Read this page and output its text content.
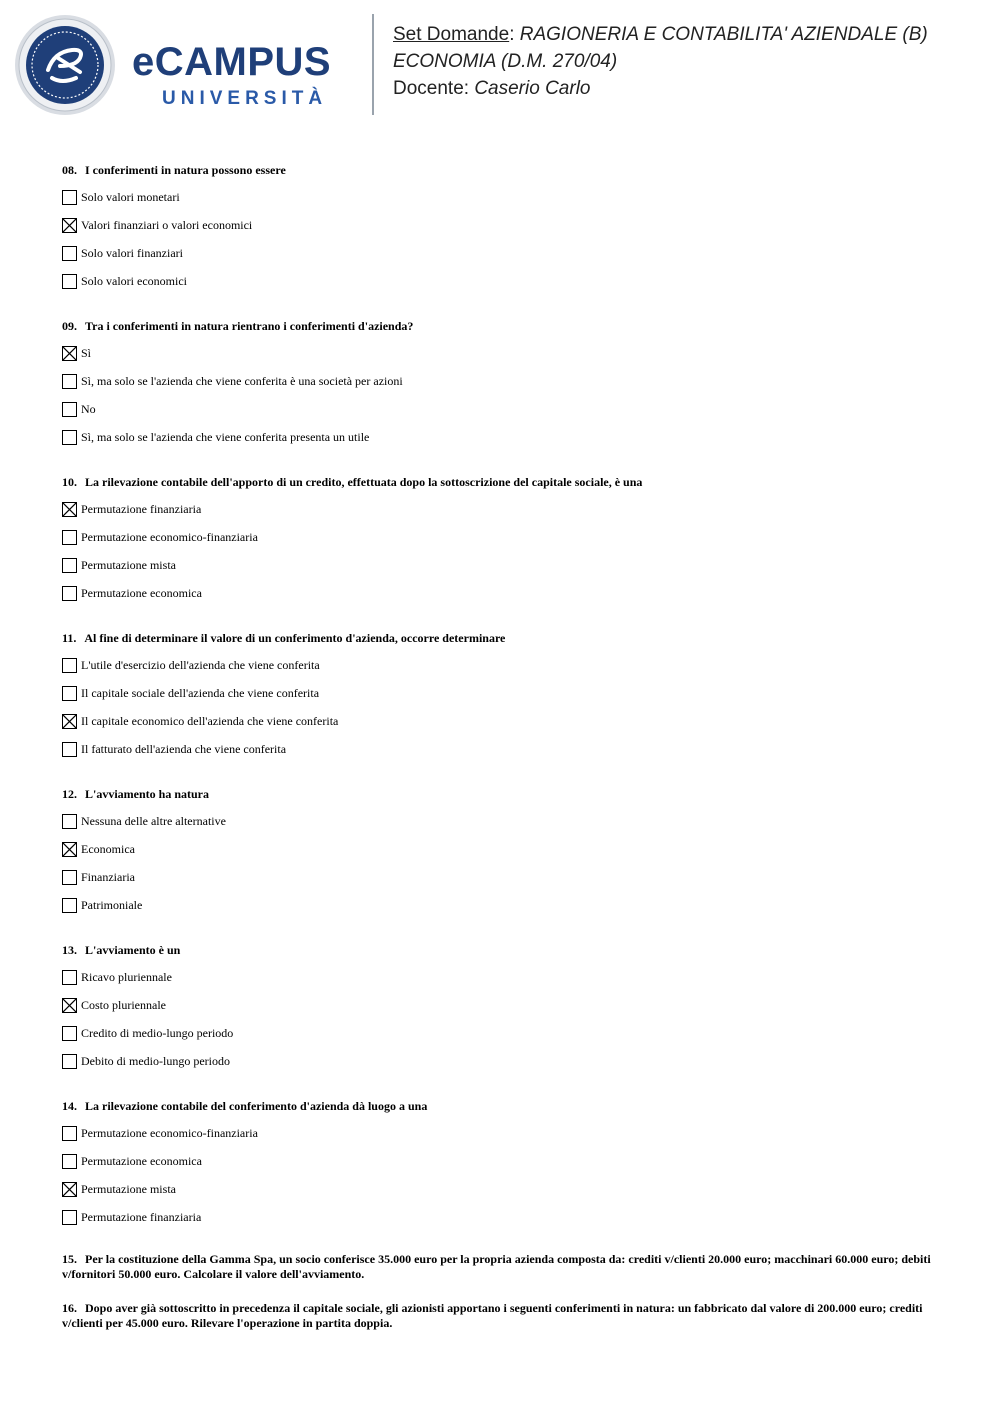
eCAMPUS
UNIVERSITÀ
Set Domande: RAGIONERIA E CONTABILITA' AZIENDALE (B)
ECONOMIA (D.M. 270/04)
Docente: Caserio Carlo
08. I conferimenti in natura possono essere
Solo valori monetari
Valori finanziari o valori economici
Solo valori finanziari
Solo valori economici
09. Tra i conferimenti in natura rientrano i conferimenti d'azienda?
Sì
Sì, ma solo se l'azienda che viene conferita è una società per azioni
No
Sì, ma solo se l'azienda che viene conferita presenta un utile
10. La rilevazione contabile dell'apporto di un credito, effettuata dopo la sottoscrizione del capitale sociale, è una
Permutazione finanziaria
Permutazione economico-finanziaria
Permutazione mista
Permutazione economica
11. Al fine di determinare il valore di un conferimento d'azienda, occorre determinare
L'utile d'esercizio dell'azienda che viene conferita
Il capitale sociale dell'azienda che viene conferita
Il capitale economico dell'azienda che viene conferita
Il fatturato dell'azienda che viene conferita
12. L'avviamento ha natura
Nessuna delle altre alternative
Economica
Finanziaria
Patrimoniale
13. L'avviamento è un
Ricavo pluriennale
Costo pluriennale
Credito di medio-lungo periodo
Debito di medio-lungo periodo
14. La rilevazione contabile del conferimento d'azienda dà luogo a una
Permutazione economico-finanziaria
Permutazione economica
Permutazione mista
Permutazione finanziaria
15. Per la costituzione della Gamma Spa, un socio conferisce 35.000 euro per la propria azienda composta da: crediti v/clienti 20.000 euro; macchinari 60.000 euro; debiti v/fornitori 50.000 euro. Calcolare il valore dell'avviamento.
16. Dopo aver già sottoscritto in precedenza il capitale sociale, gli azionisti apportano i seguenti conferimenti in natura: un fabbricato dal valore di 200.000 euro; crediti v/clienti per 45.000 euro. Rilevare l'operazione in partita doppia.
